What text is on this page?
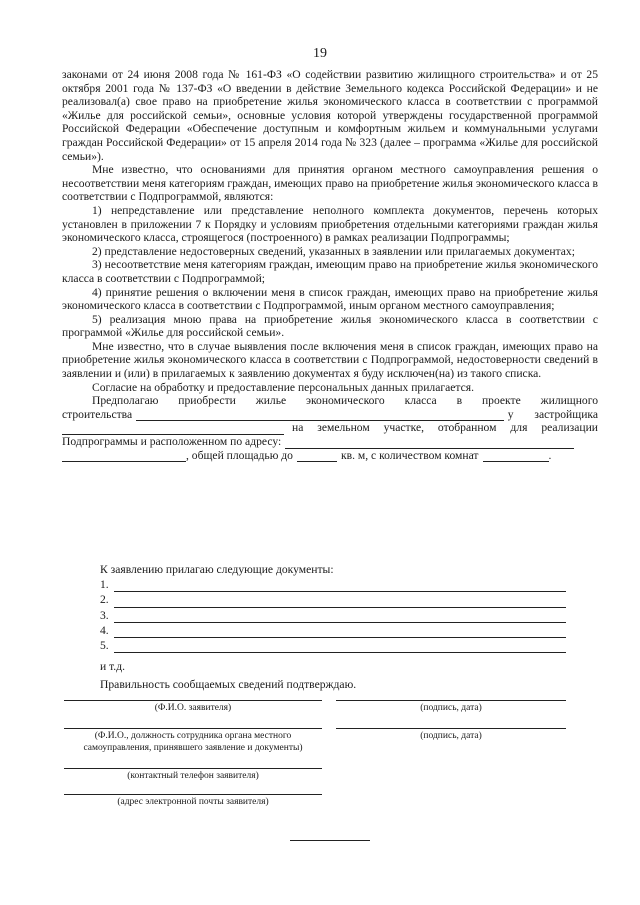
19

законами от 24 июня 2008 года № 161-ФЗ «О содействии развитию жилищного строительства» и от 25 октября 2001 года № 137-ФЗ «О введении в действие Земельного кодекса Российской Федерации» и не реализовал(а) свое право на приобретение жилья экономического класса в соответствии с программой «Жилье для российской семьи», основные условия которой утверждены государственной программой Российской Федерации «Обеспечение доступным и комфортным жильем и коммунальными услугами граждан Российской Федерации» от 15 апреля 2014 года № 323 (далее – программа «Жилье для российской семьи»).

Мне известно, что основаниями для принятия органом местного самоуправления решения о несоответствии меня категориям граждан, имеющих право на приобретение жилья экономического класса в соответствии с Подпрограммой, являются:

1) непредставление или представление неполного комплекта документов, перечень которых установлен в приложении 7 к Порядку и условиям приобретения отдельными категориями граждан жилья экономического класса, строящегося (построенного) в рамках реализации Подпрограммы;

2) представление недостоверных сведений, указанных в заявлении или прилагаемых документах;

3) несоответствие меня категориям граждан, имеющим право на приобретение жилья экономического класса в соответствии с Подпрограммой;

4) принятие решения о включении меня в список граждан, имеющих право на приобретение жилья экономического класса в соответствии с Подпрограммой, иным органом местного самоуправления;

5) реализация мною права на приобретение жилья экономического класса в соответствии с программой «Жилье для российской семьи».

Мне известно, что в случае выявления после включения меня в список граждан, имеющих право на приобретение жилья экономического класса в соответствии с Подпрограммой, недостоверности сведений в заявлении и (или) в прилагаемых к заявлению документах я буду исключен(на) из такого списка.

Согласие на обработку и предоставление персональных данных прилагается.

Предполагаю приобрести жилье экономического класса в проекте жилищного

строительства	у застройщика
на земельном участке, отобранном для реализации
Подпрограммы и расположенном по адресу:
, общей площадью до	кв. м, с количеством комнат	.
К заявлению прилагаю следующие документы:
1.
2.
3.
4.
5.
и т.д.
Правильность сообщаемых сведений подтверждаю.
(Ф.И.О. заявителя)	(подпись, дата)
(Ф.И.О., должность сотрудника органа местного
самоуправления, принявшего заявление и документы)
(подпись, дата)
(контактный телефон заявителя)
(адрес электронной почты заявителя)
